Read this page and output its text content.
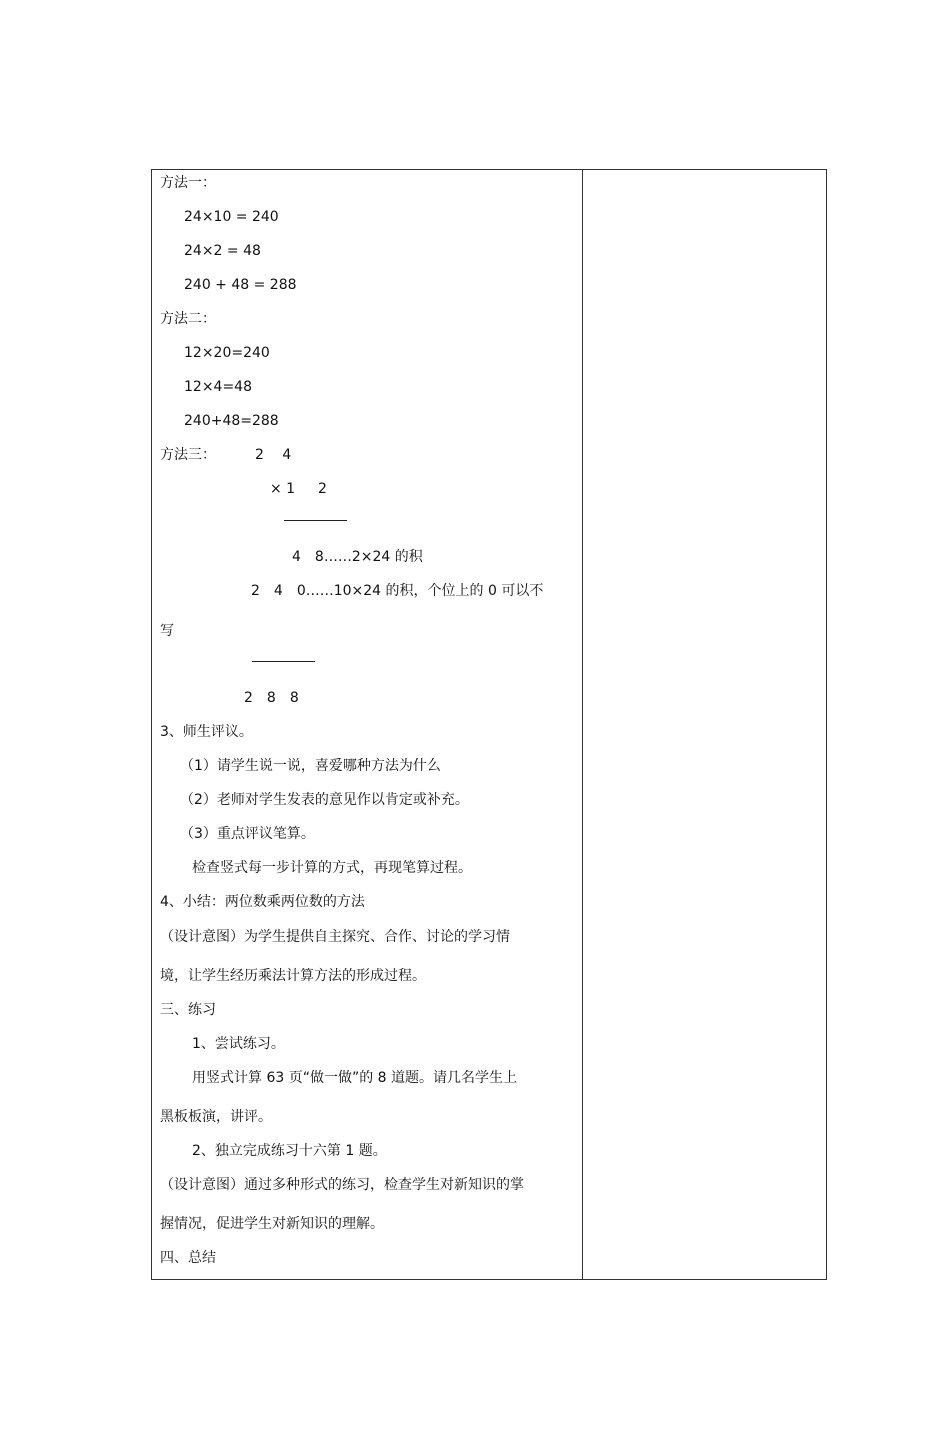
方法一：
24×10 = 240
24×2 = 48
240 + 48 = 288
方法二：
12×20=240
12×4=48
240+48=288
方法三：	2　 4
× 1　  2
4　8……2×24 的积
2　4　0……10×24 的积，个位上的 0 可以不
写
2　8　8
3、师生评议。
（1）请学生说一说，喜爱哪种方法为什么
（2）老师对学生发表的意见作以肯定或补充。
（3）重点评议笔算。
检查竖式每一步计算的方式，再现笔算过程。
4、小结：两位数乘两位数的方法
（设计意图）为学生提供自主探究、合作、讨论的学习情
境，让学生经历乘法计算方法的形成过程。
三、练习
1、尝试练习。
用竖式计算 63 页“做一做”的 8 道题。请几名学生上
黑板板演，讲评。
2、独立完成练习十六第 1 题。
（设计意图）通过多种形式的练习，检查学生对新知识的掌
握情况，促进学生对新知识的理解。
四、总结
